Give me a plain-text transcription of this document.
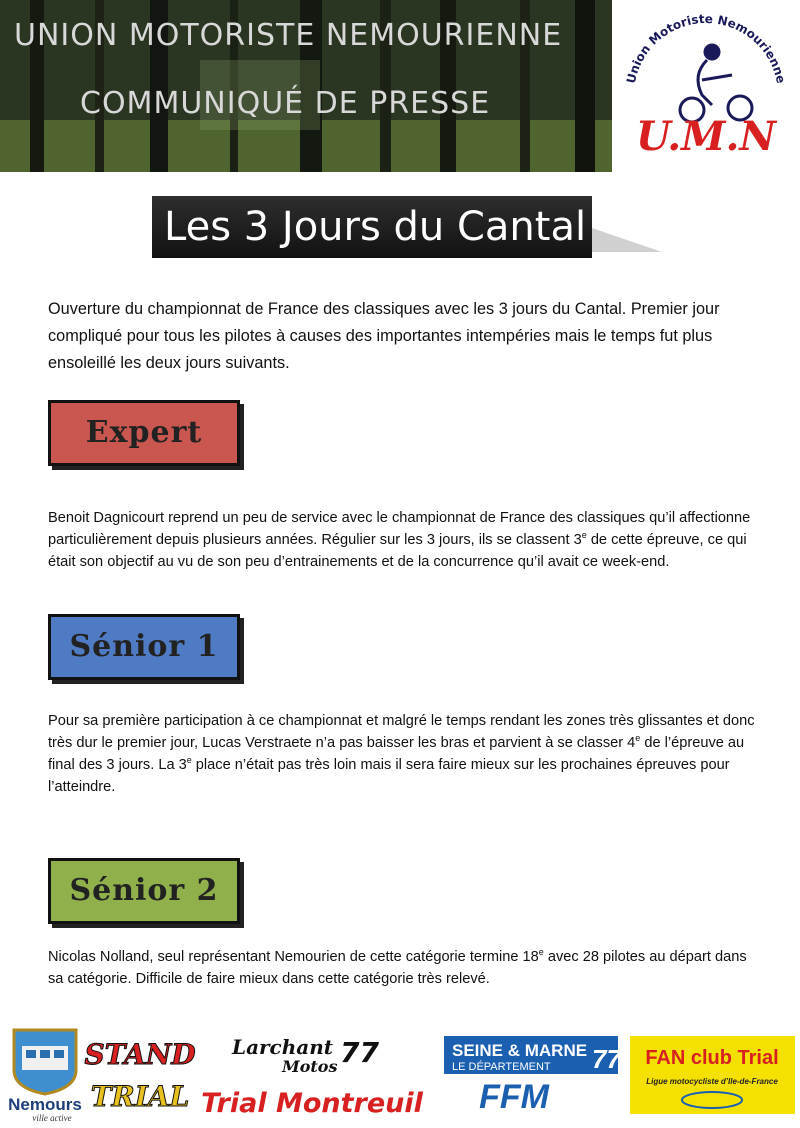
UNION MOTORISTE NEMOURIENNE
COMMUNIQUÉ DE PRESSE
Union Motoriste Nemourienne
U.M.N
Les 3 Jours du Cantal
Ouverture du championnat de France des classiques avec les 3 jours du Cantal. Premier jour compliqué pour tous les pilotes à causes des importantes intempéries mais le temps fut plus ensoleillé les deux jours suivants.
Expert
Benoit Dagnicourt reprend un peu de service avec le championnat de France des classiques qu’il affectionne particulièrement depuis plusieurs années. Régulier sur les 3 jours, ils se classent 3e de cette épreuve, ce qui était son objectif au vu de son peu d’entrainements et de la concurrence qu’il avait ce week-end.
Sénior 1
Pour sa première participation à ce championnat et malgré le temps rendant les zones très glissantes et donc très dur le premier jour, Lucas Verstraete n’a pas baisser les bras et parvient à se classer 4e de l’épreuve au final des 3 jours. La 3e place n’était pas très loin mais il sera faire mieux sur les prochaines épreuves pour l’atteindre.
Sénior 2
Nicolas Nolland, seul représentant Nemourien de cette catégorie termine 18e avec 28 pilotes au départ dans sa catégorie. Difficile de faire mieux dans cette catégorie très relevé.
Nemours
ville active
STAND
TRIAL
Larchant
Motos 77
Trial Montreuil
SEINE & MARNE 77
LE DÉPARTEMENT
FFM
FAN club Trial
Ligue motocycliste d’Ile-de-France
